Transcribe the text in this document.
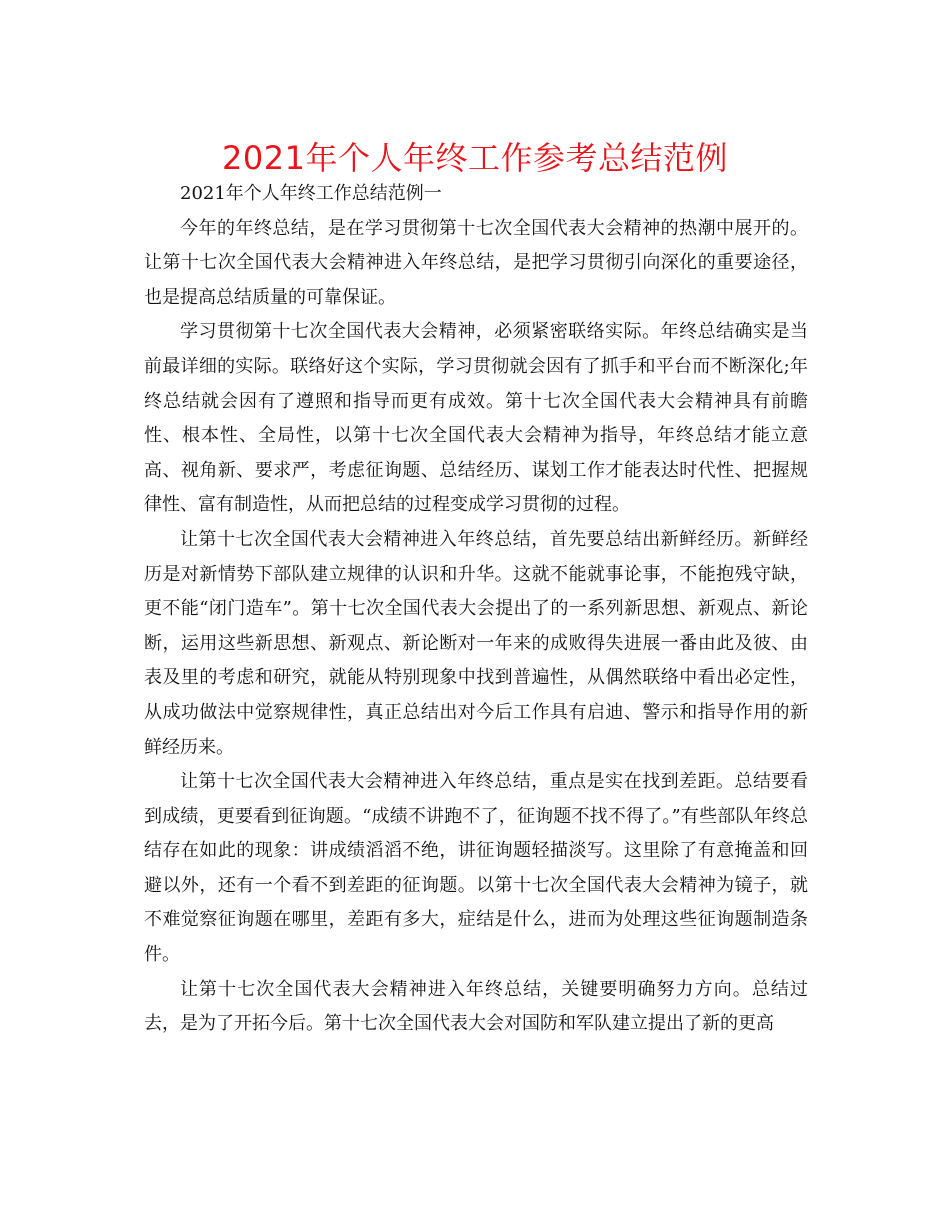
2021年个人年终工作参考总结范例

2021年个人年终工作总结范例一

今年的年终总结，是在学习贯彻第十七次全国代表大会精神的热潮中展开的。让第十七次全国代表大会精神进入年终总结，是把学习贯彻引向深化的重要途径，也是提高总结质量的可靠保证。

学习贯彻第十七次全国代表大会精神，必须紧密联络实际。年终总结确实是当前最详细的实际。联络好这个实际，学习贯彻就会因有了抓手和平台而不断深化;年终总结就会因有了遵照和指导而更有成效。第十七次全国代表大会精神具有前瞻性、根本性、全局性，以第十七次全国代表大会精神为指导，年终总结才能立意高、视角新、要求严，考虑征询题、总结经历、谋划工作才能表达时代性、把握规律性、富有制造性，从而把总结的过程变成学习贯彻的过程。

让第十七次全国代表大会精神进入年终总结，首先要总结出新鲜经历。新鲜经历是对新情势下部队建立规律的认识和升华。这就不能就事论事，不能抱残守缺，更不能“闭门造车”。第十七次全国代表大会提出了的一系列新思想、新观点、新论断，运用这些新思想、新观点、新论断对一年来的成败得失进展一番由此及彼、由表及里的考虑和研究，就能从特别现象中找到普遍性，从偶然联络中看出必定性，从成功做法中觉察规律性，真正总结出对今后工作具有启迪、警示和指导作用的新鲜经历来。

让第十七次全国代表大会精神进入年终总结，重点是实在找到差距。总结要看到成绩，更要看到征询题。“成绩不讲跑不了，征询题不找不得了。”有些部队年终总结存在如此的现象：讲成绩滔滔不绝，讲征询题轻描淡写。这里除了有意掩盖和回避以外，还有一个看不到差距的征询题。以第十七次全国代表大会精神为镜子，就不难觉察征询题在哪里，差距有多大，症结是什么，进而为处理这些征询题制造条件。

让第十七次全国代表大会精神进入年终总结，关键要明确努力方向。总结过去，是为了开拓今后。第十七次全国代表大会对国防和军队建立提出了新的更高
